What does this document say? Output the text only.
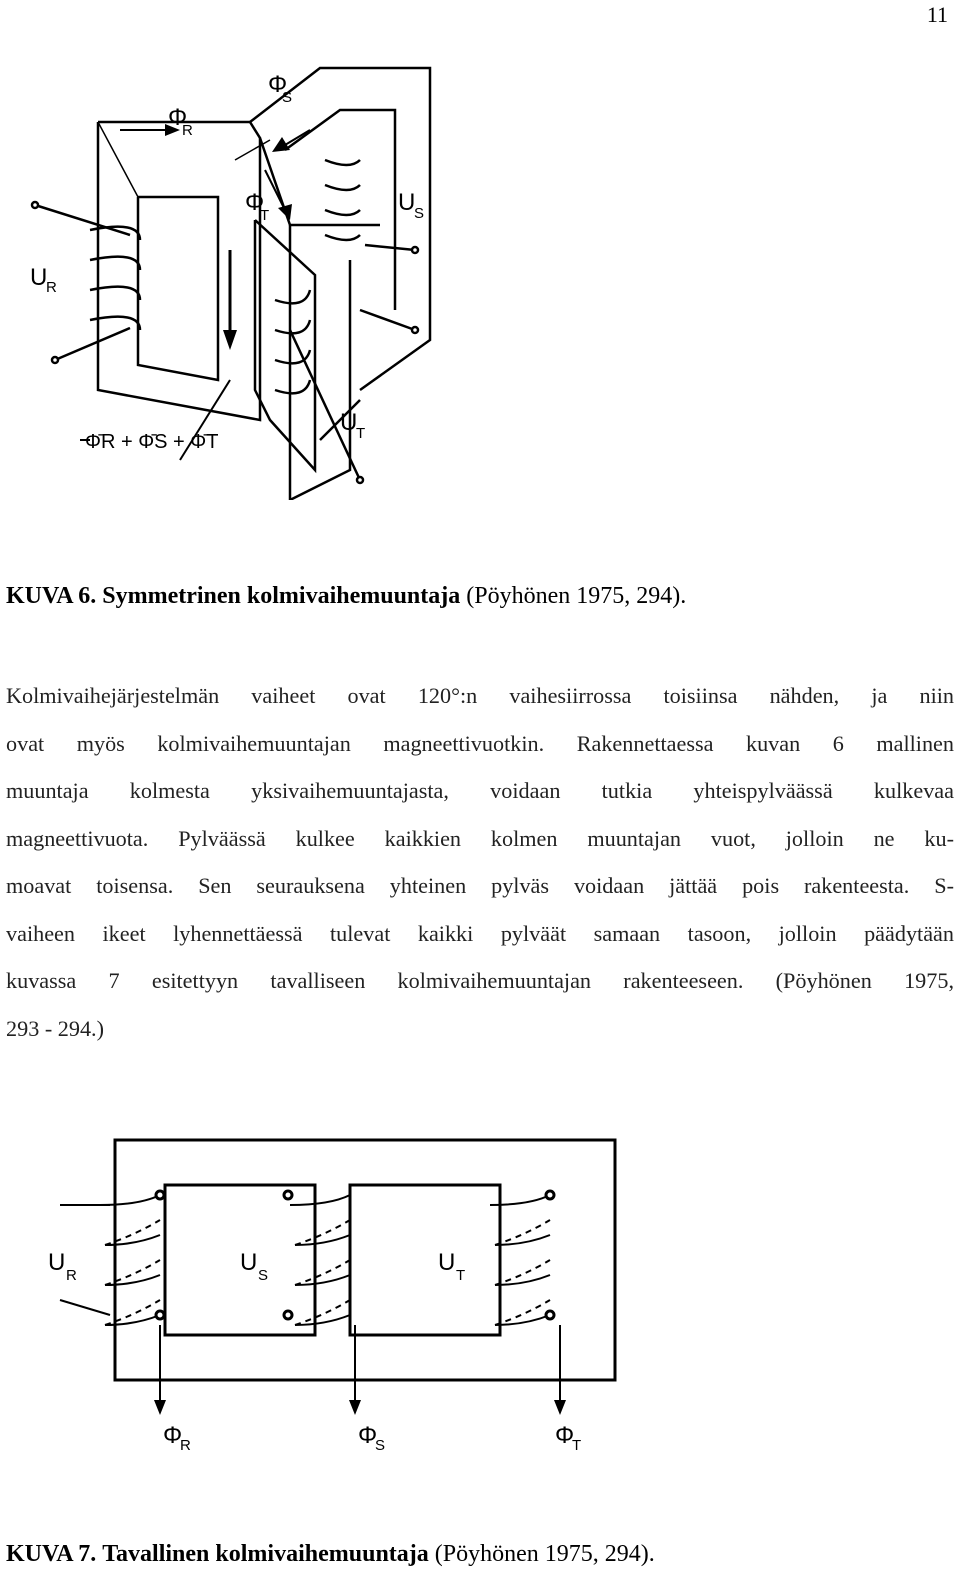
11
Φ
R
Φ
S
Φ
T	U
S
U
R
U
T
Φ̄R + Φ̄S + Φ̄T
KUVA 6. Symmetrinen kolmivaihemuuntaja (Pöyhönen 1975, 294).
Kolmivaihejärjestelmän vaiheet ovat 120°:n vaihesiirrossa toisiinsa nähden, ja niin
ovat myös kolmivaihemuuntajan magneettivuotkin. Rakennettaessa kuvan 6 mallinen
muuntaja kolmesta yksivaihemuuntajasta, voidaan tutkia yhteispylväässä kulkevaa
magneettivuota. Pylväässä kulkee kaikkien kolmen muuntajan vuot, jolloin ne ku-
moavat toisensa. Sen seurauksena yhteinen pylväs voidaan jättää pois rakenteesta. S-
vaiheen ikeet lyhennettäessä tulevat kaikki pylväät samaan tasoon, jolloin päädytään
kuvassa 7 esitettyyn tavalliseen kolmivaihemuuntajan rakenteeseen. (Pöyhönen 1975,
293 - 294.)
U R	U S	U T
Φ
R	Φ
S	Φ
T
KUVA 7. Tavallinen kolmivaihemuuntaja (Pöyhönen 1975, 294).
